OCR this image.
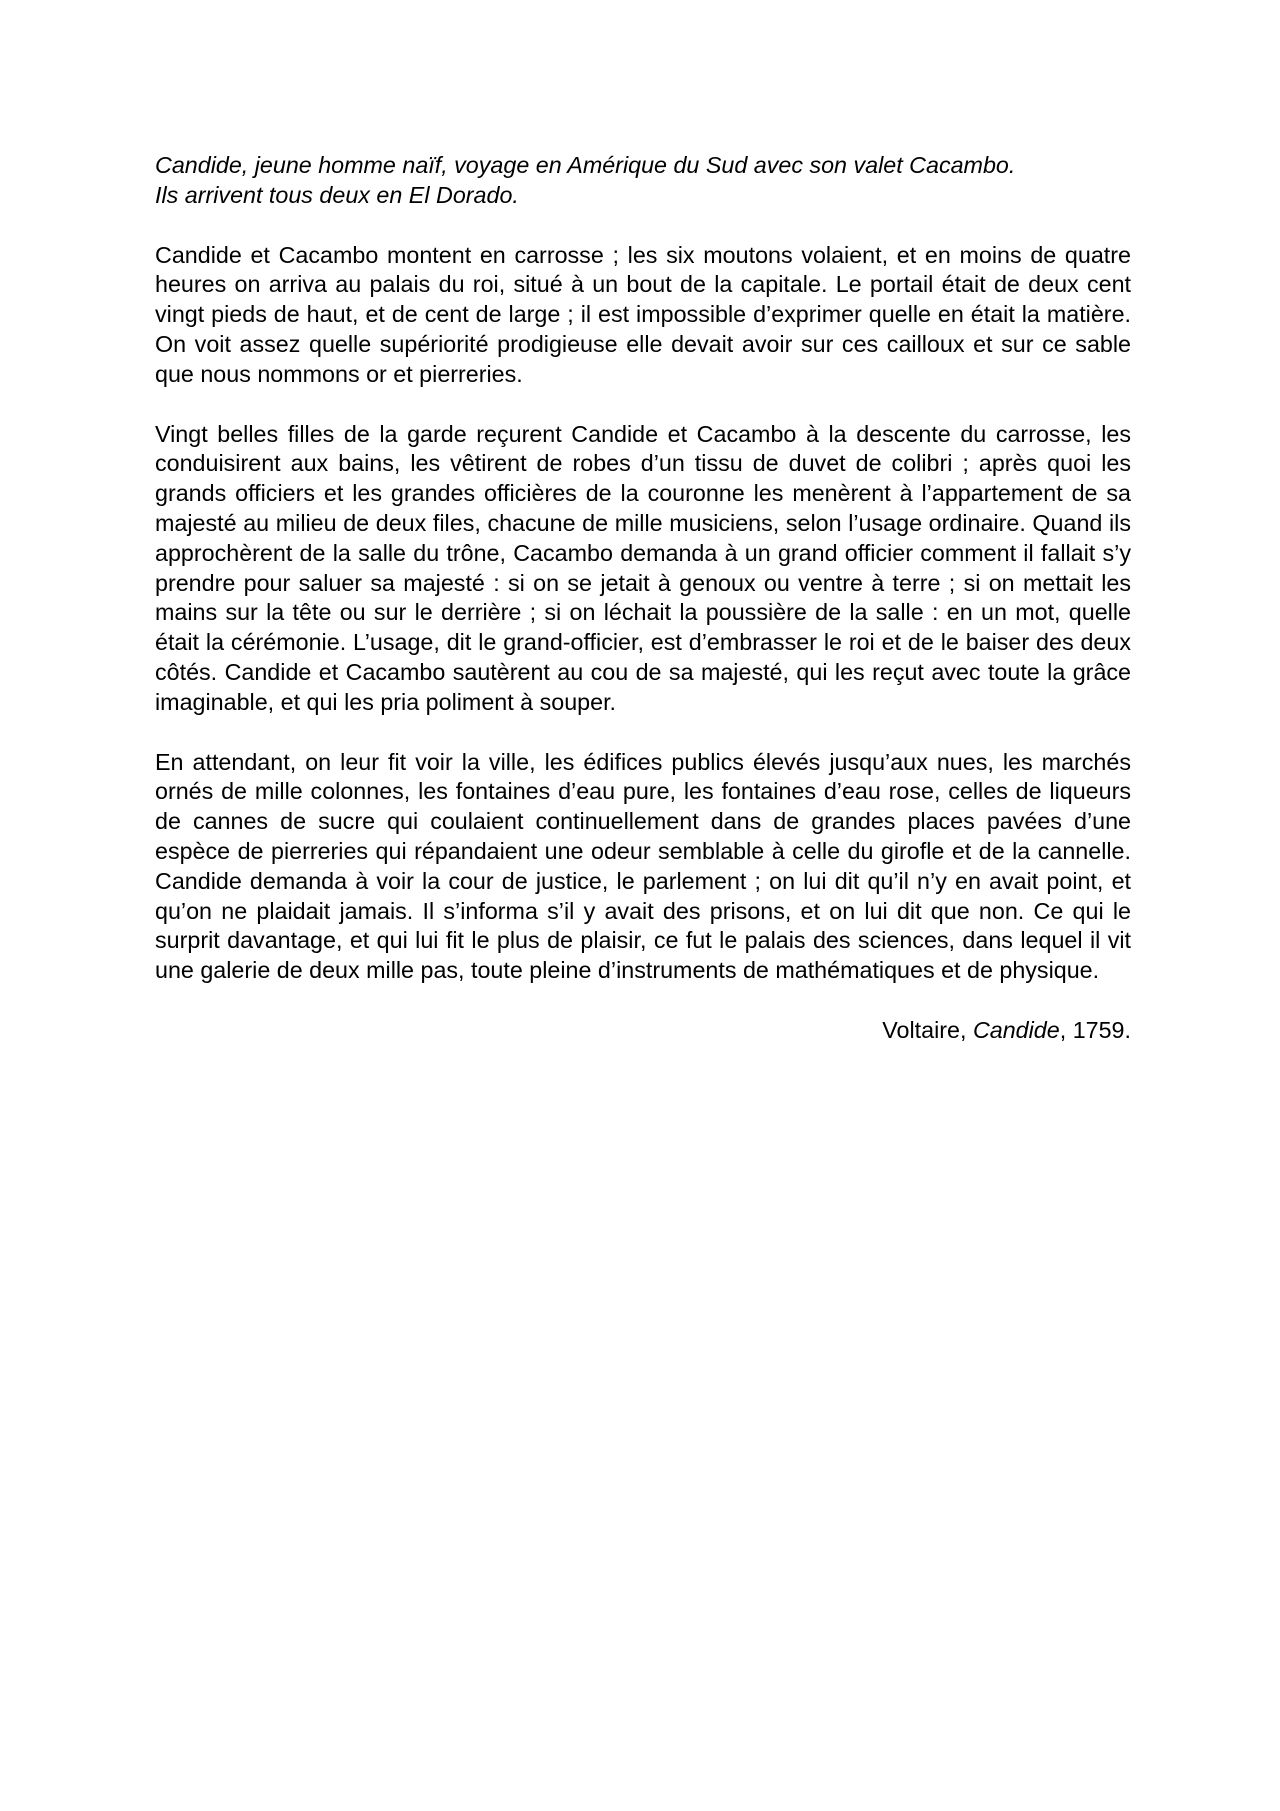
Candide, jeune homme naïf, voyage en Amérique du Sud avec son valet Cacambo.
Ils arrivent tous deux en El Dorado.

Candide et Cacambo montent en carrosse ; les six moutons volaient, et en moins de quatre heures on arriva au palais du roi, situé à un bout de la capitale. Le portail était de deux cent vingt pieds de haut, et de cent de large ; il est impossible d’exprimer quelle en était la matière. On voit assez quelle supériorité prodigieuse elle devait avoir sur ces cailloux et sur ce sable que nous nommons or et pierreries.

Vingt belles filles de la garde reçurent Candide et Cacambo à la descente du carrosse, les conduisirent aux bains, les vêtirent de robes d’un tissu de duvet de colibri ; après quoi les grands officiers et les grandes officières de la couronne les menèrent à l’appartement de sa majesté au milieu de deux files, chacune de mille musiciens, selon l’usage ordinaire. Quand ils approchèrent de la salle du trône, Cacambo demanda à un grand officier comment il fallait s’y prendre pour saluer sa majesté : si on se jetait à genoux ou ventre à terre ; si on mettait les mains sur la tête ou sur le derrière ; si on léchait la poussière de la salle : en un mot, quelle était la cérémonie. L’usage, dit le grand-officier, est d’embrasser le roi et de le baiser des deux côtés. Candide et Cacambo sautèrent au cou de sa majesté, qui les reçut avec toute la grâce imaginable, et qui les pria poliment à souper.

En attendant, on leur fit voir la ville, les édifices publics élevés jusqu’aux nues, les marchés ornés de mille colonnes, les fontaines d’eau pure, les fontaines d’eau rose, celles de liqueurs de cannes de sucre qui coulaient continuellement dans de grandes places pavées d’une espèce de pierreries qui répandaient une odeur semblable à celle du girofle et de la cannelle. Candide demanda à voir la cour de justice, le parlement ; on lui dit qu’il n’y en avait point, et qu’on ne plaidait jamais. Il s’informa s’il y avait des prisons, et on lui dit que non. Ce qui le surprit davantage, et qui lui fit le plus de plaisir, ce fut le palais des sciences, dans lequel il vit une galerie de deux mille pas, toute pleine d’instruments de mathématiques et de physique.

Voltaire, Candide, 1759.
